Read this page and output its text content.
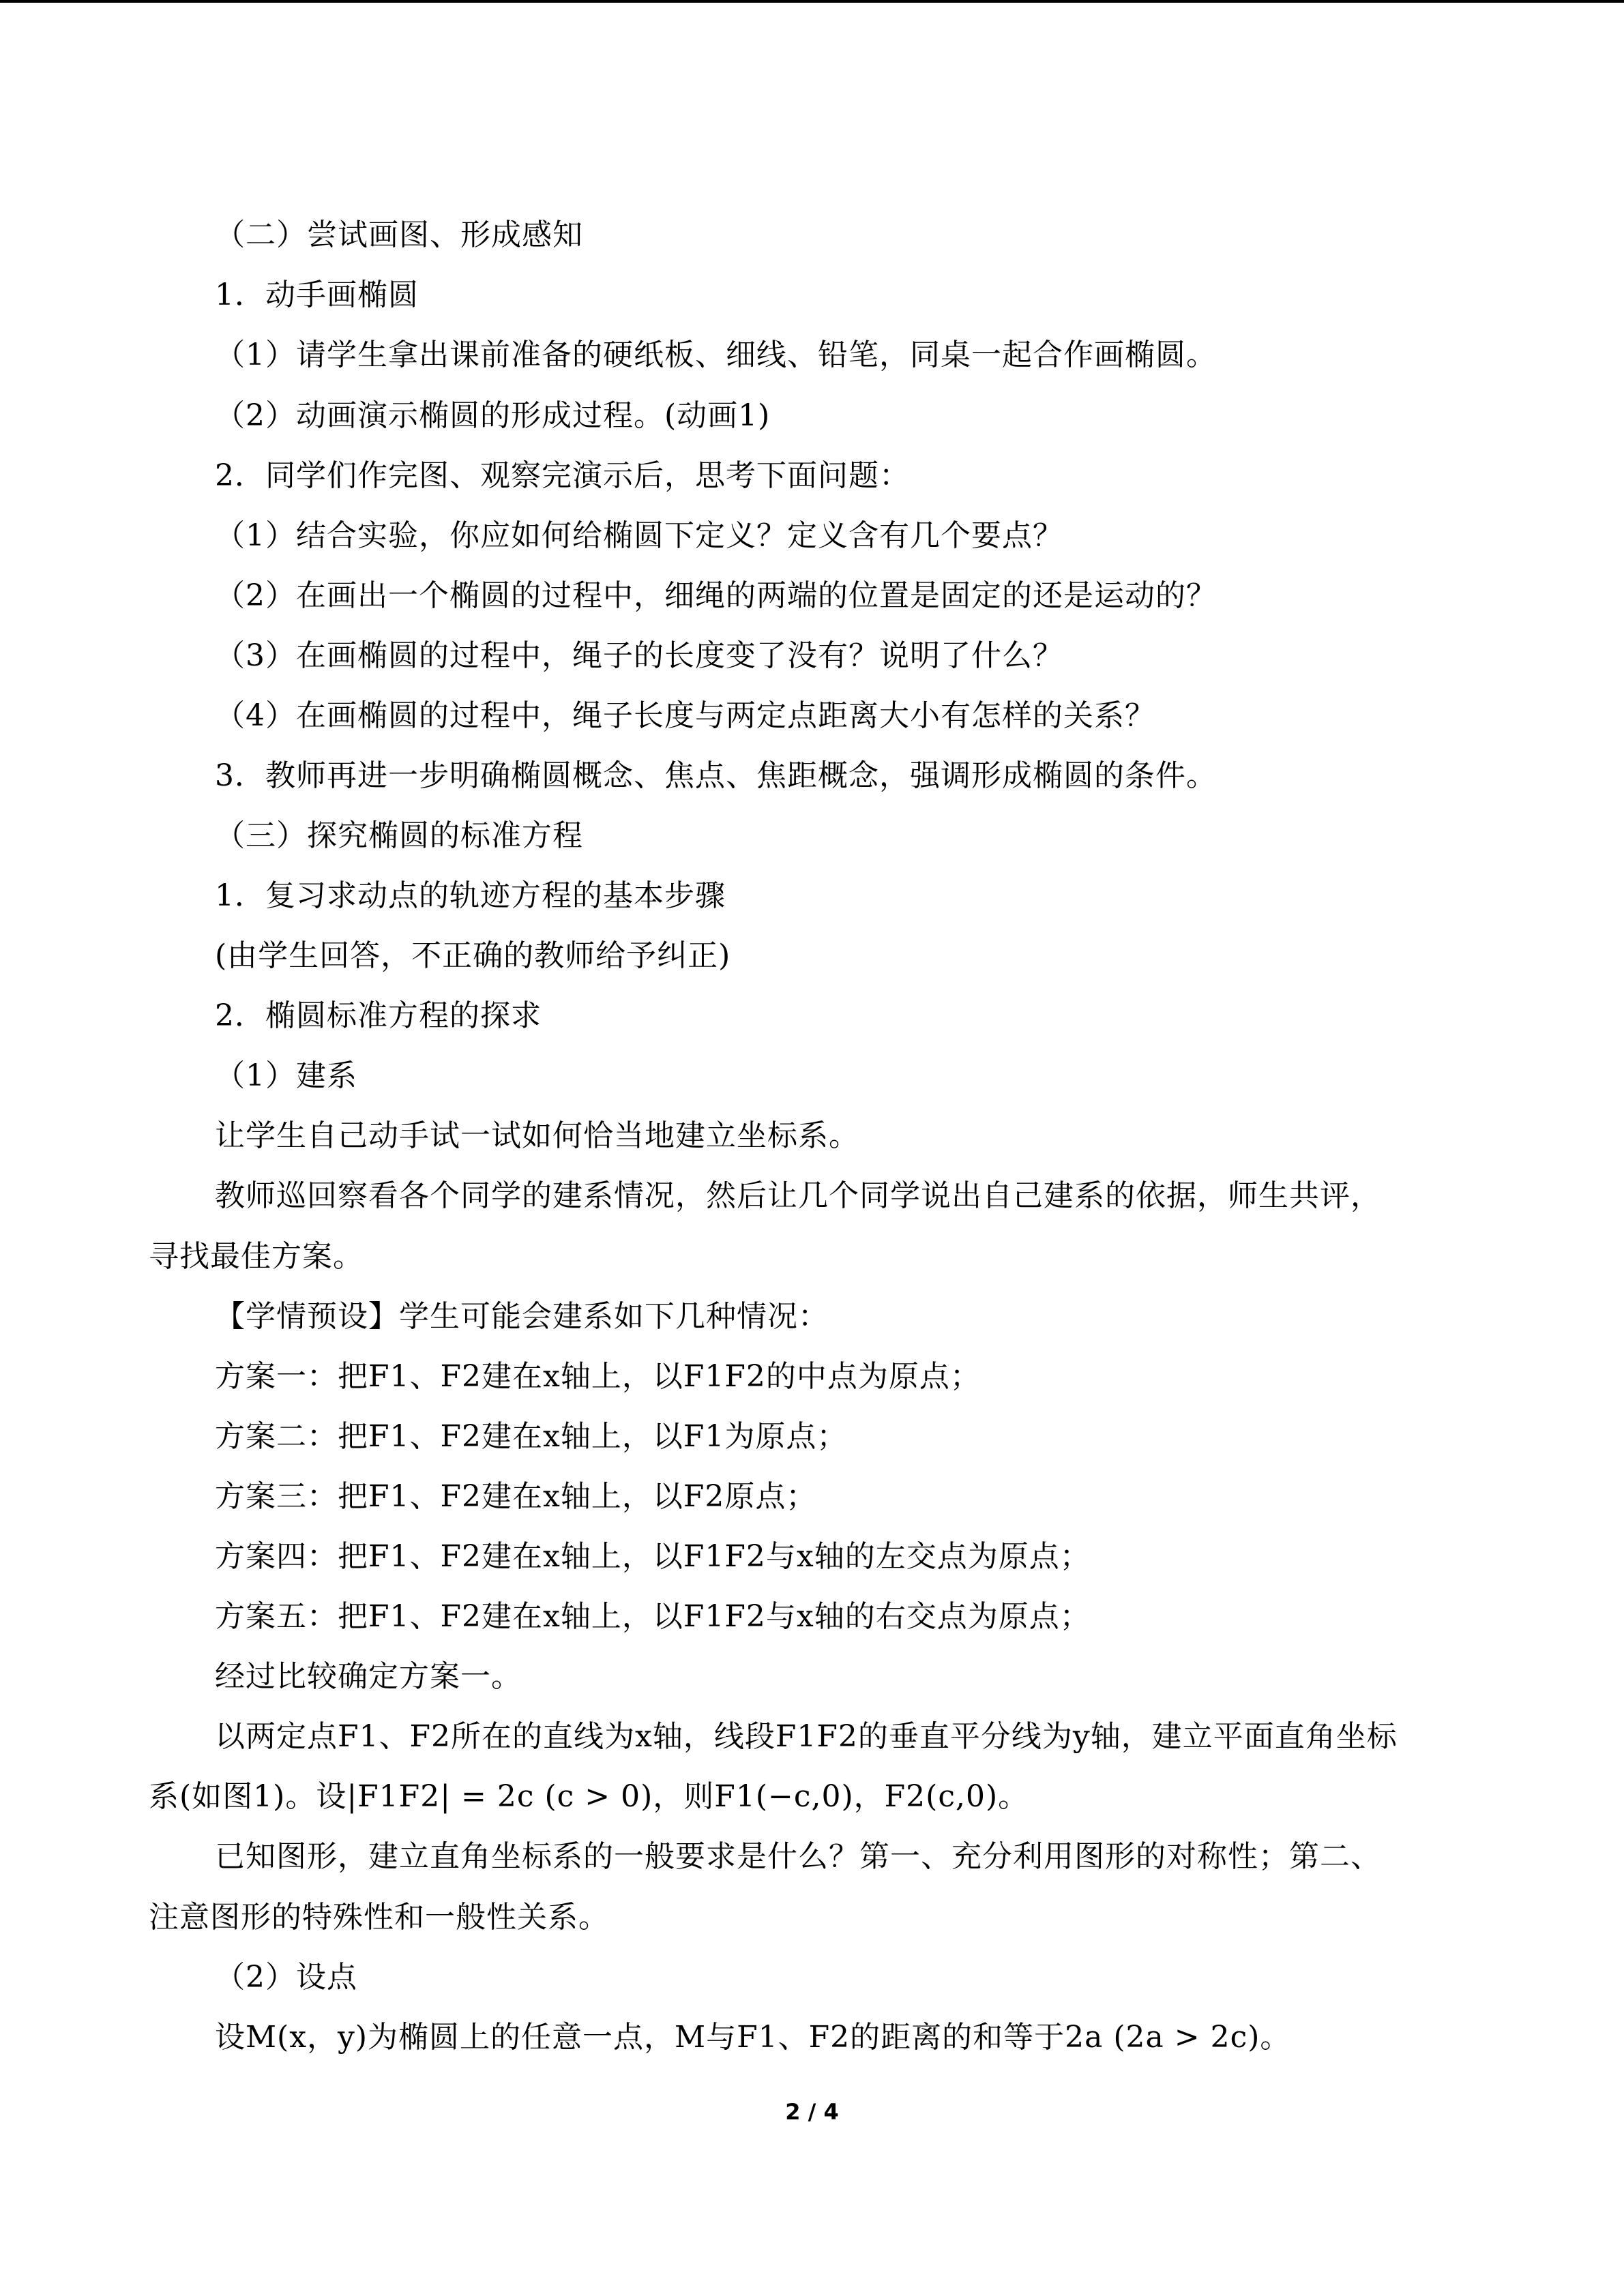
（二）尝试画图、形成感知
1．动手画椭圆
（1）请学生拿出课前准备的硬纸板、细线、铅笔，同桌一起合作画椭圆。
（2）动画演示椭圆的形成过程。(动画1)
2．同学们作完图、观察完演示后，思考下面问题：
（1）结合实验，你应如何给椭圆下定义？定义含有几个要点？
（2）在画出一个椭圆的过程中，细绳的两端的位置是固定的还是运动的？
（3）在画椭圆的过程中，绳子的长度变了没有？说明了什么？
（4）在画椭圆的过程中，绳子长度与两定点距离大小有怎样的关系？
3．教师再进一步明确椭圆概念、焦点、焦距概念，强调形成椭圆的条件。
（三）探究椭圆的标准方程
1．复习求动点的轨迹方程的基本步骤
(由学生回答，不正确的教师给予纠正)
2．椭圆标准方程的探求
（1）建系
让学生自己动手试一试如何恰当地建立坐标系。
教师巡回察看各个同学的建系情况，然后让几个同学说出自己建系的依据，师生共评，
寻找最佳方案。
【学情预设】学生可能会建系如下几种情况：
方案一：把F1、F2建在x轴上，以F1F2的中点为原点；
方案二：把F1、F2建在x轴上，以F1为原点；
方案三：把F1、F2建在x轴上，以F2原点；
方案四：把F1、F2建在x轴上，以F1F2与x轴的左交点为原点；
方案五：把F1、F2建在x轴上，以F1F2与x轴的右交点为原点；
经过比较确定方案一。
以两定点F1、F2所在的直线为x轴，线段F1F2的垂直平分线为y轴，建立平面直角坐标
系(如图1)。设|F1F2| = 2c (c > 0)，则F1(−c,0)，F2(c,0)。
已知图形，建立直角坐标系的一般要求是什么？第一、充分利用图形的对称性；第二、
注意图形的特殊性和一般性关系。
（2）设点
设M(x，y)为椭圆上的任意一点，M与F1、F2的距离的和等于2a (2a > 2c)。
2 / 4
